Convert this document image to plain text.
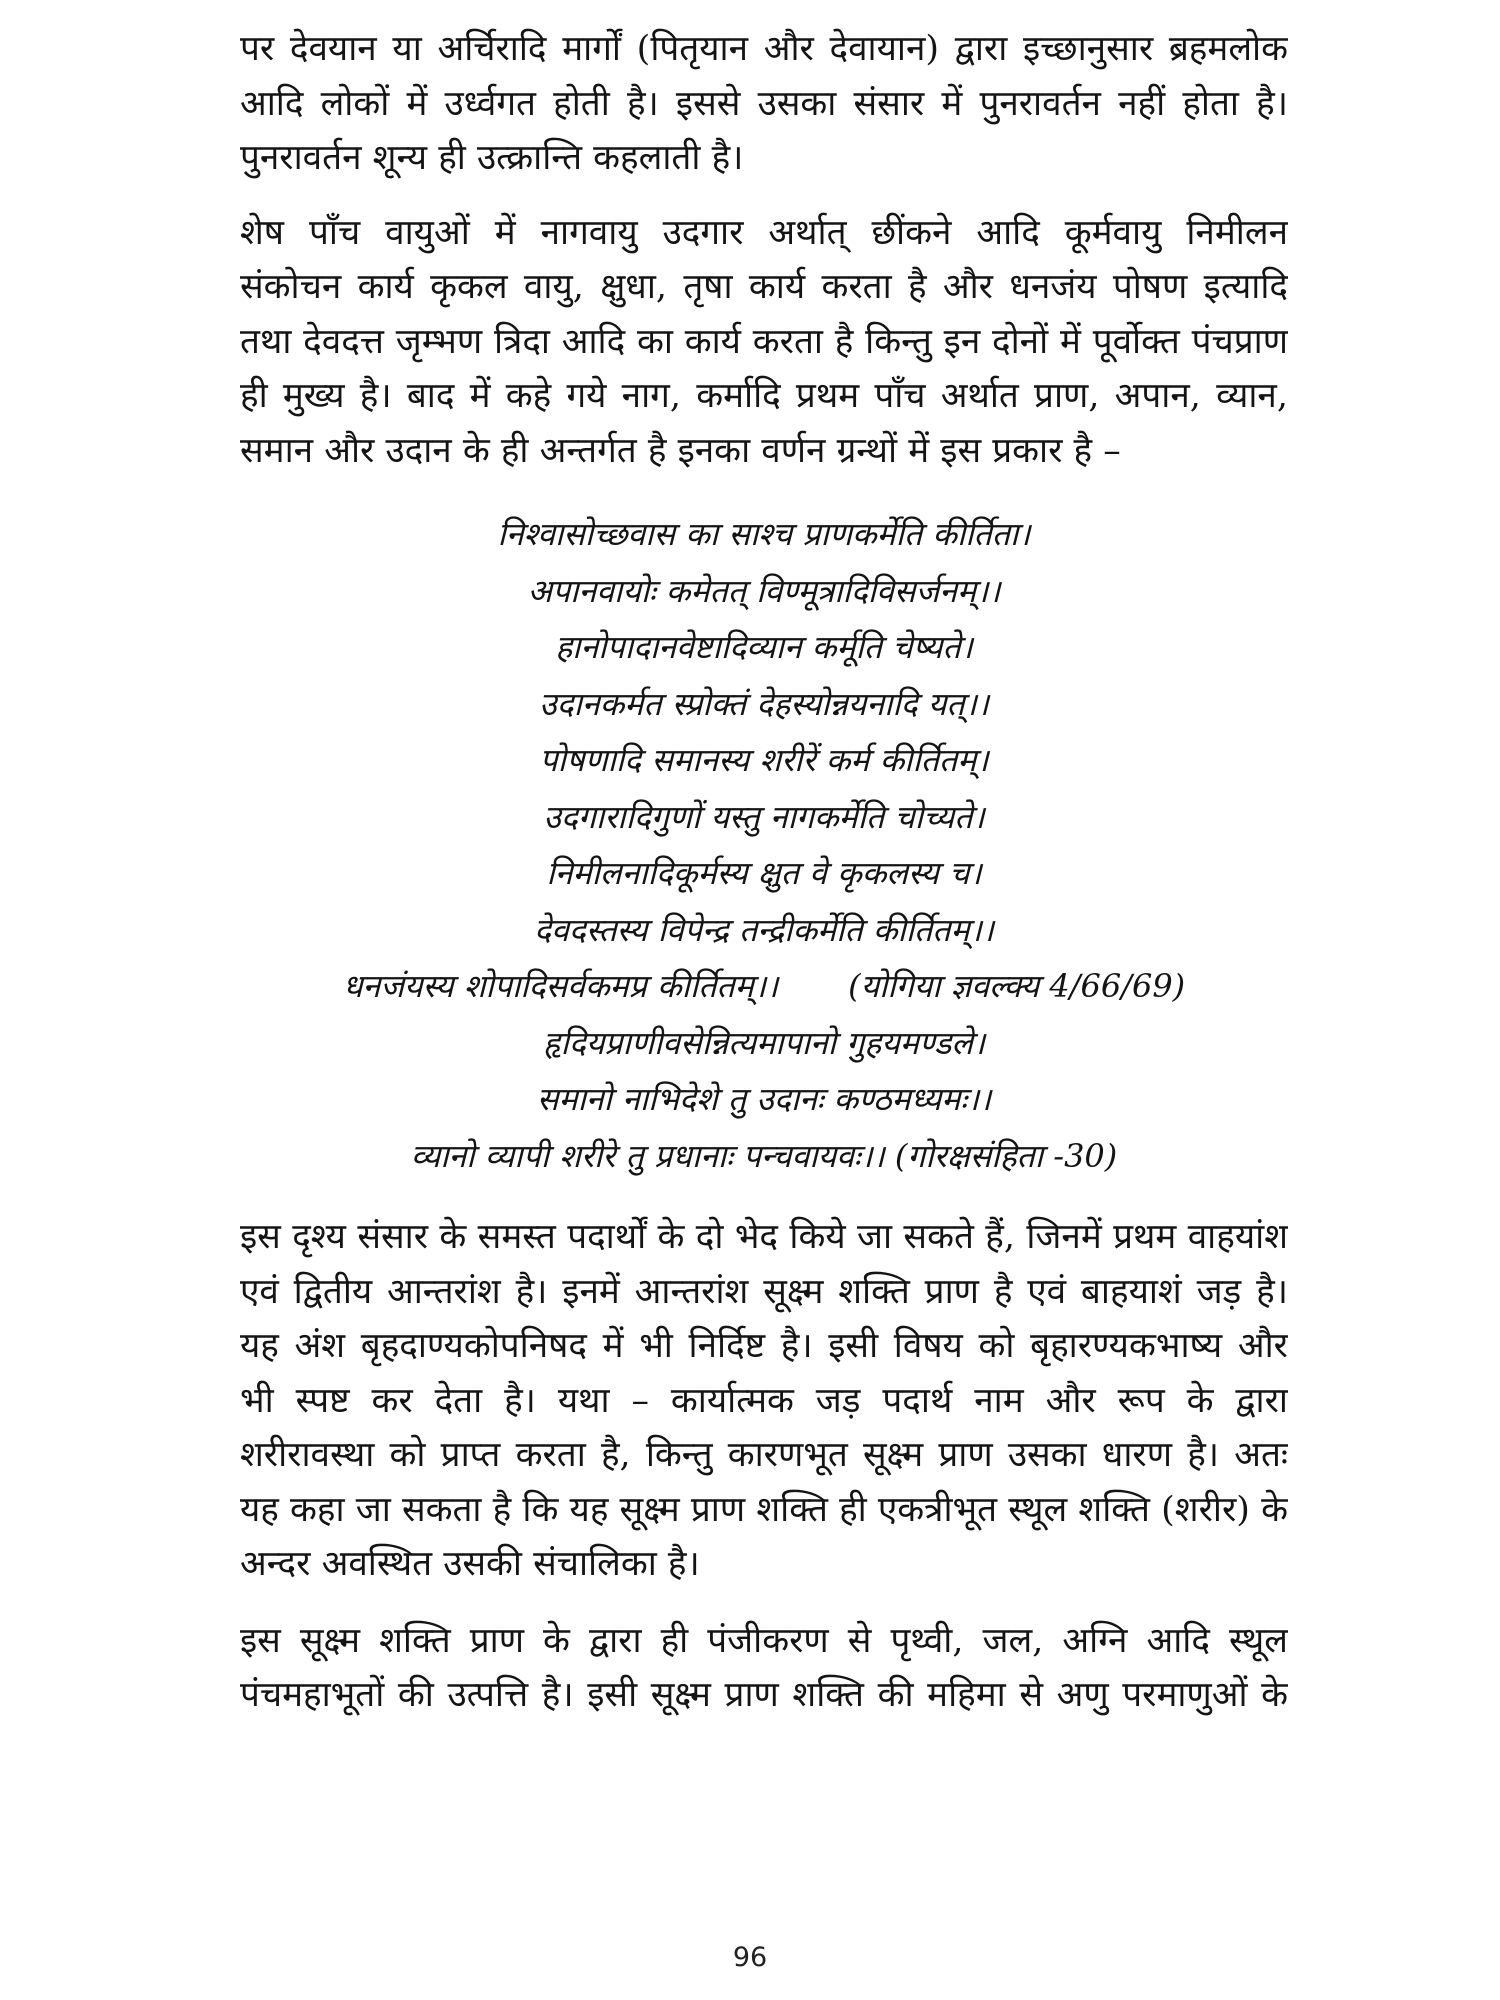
पर देवयान या अर्चिरादि मार्गों (पितृयान और देवायान) द्वारा इच्छानुसार ब्रहमलोक
आदि लोकों में उर्ध्वगत होती है। इससे उसका संसार में पुनरावर्तन नहीं होता है।
पुनरावर्तन शून्य ही उत्क्रान्ति कहलाती है।
शेष पाँच वायुओं में नागवायु उदगार अर्थात् छींकने आदि कूर्मवायु निमीलन
संकोचन कार्य कृकल वायु, क्षुधा, तृषा कार्य करता है और धनजंय पोषण इत्यादि
तथा देवदत्त जृम्भण त्रिदा आदि का कार्य करता है किन्तु इन दोनों में पूर्वोक्त पंचप्राण
ही मुख्य है। बाद में कहे गये नाग, कर्मादि प्रथम पाँच अर्थात प्राण, अपान, व्यान,
समान और उदान के ही अन्तर्गत है इनका वर्णन ग्रन्थों में इस प्रकार है –
निश्वासोच्छवास का साश्च प्राणकर्मेति कीर्तिता।
अपानवायोः कमेतत् विण्मूत्रादिविसर्जनम्।।
हानोपादानवेष्टादिव्यान कर्मूति चेष्यते।
उदानकर्मत स्प्रोक्तं देहस्योन्नयनादि यत्।।
पोषणादि समानस्य शरीरें कर्म कीर्तितम्।
उदगारादिगुणों यस्तु नागकर्मेति चोच्यते।
निमीलनादिकूर्मस्य क्षुत वे कृकलस्य च।
देवदस्तस्य विपेन्द्र तन्द्रीकर्मेति कीर्तितम्।।
धनजंयस्य शोपादिसर्वकमप्र कीर्तितम्।। (योगिया ज्ञवल्क्य 4/66/69)
हृदियप्राणीवसेन्नित्यमापानो गुहयमण्डले।
समानो नाभिदेशे तु उदानः कण्ठमध्यमः।।
व्यानो व्यापी शरीरे तु प्रधानाः पन्चवायवः।। (गोरक्षसंहिता -30)
इस दृश्य संसार के समस्त पदार्थों के दो भेद किये जा सकते हैं, जिनमें प्रथम वाहयांश
एवं द्वितीय आन्तरांश है। इनमें आन्तरांश सूक्ष्म शक्ति प्राण है एवं बाहयाशं जड़ है।
यह अंश बृहदाण्यकोपनिषद में भी निर्दिष्ट है। इसी विषय को बृहारण्यकभाष्य और
भी स्पष्ट कर देता है। यथा – कार्यात्मक जड़ पदार्थ नाम और रूप के द्वारा
शरीरावस्था को प्राप्त करता है, किन्तु कारणभूत सूक्ष्म प्राण उसका धारण है। अतः
यह कहा जा सकता है कि यह सूक्ष्म प्राण शक्ति ही एकत्रीभूत स्थूल शक्ति (शरीर) के
अन्दर अवस्थित उसकी संचालिका है।
इस सूक्ष्म शक्ति प्राण के द्वारा ही पंजीकरण से पृथ्वी, जल, अग्नि आदि स्थूल
पंचमहाभूतों की उत्पत्ति है। इसी सूक्ष्म प्राण शक्ति की महिमा से अणु परमाणुओं के
96
